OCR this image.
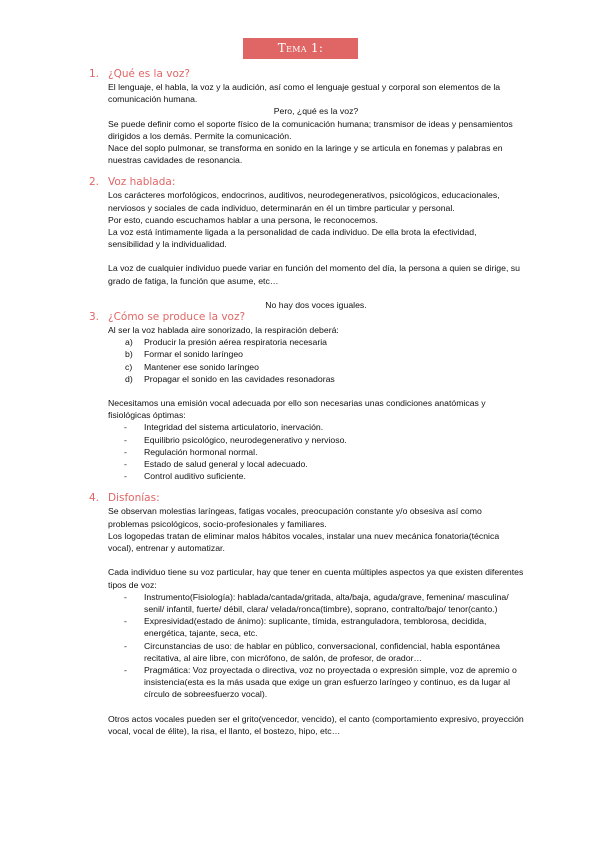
Tema 1: Introducción
1. ¿Qué es la voz?

El lenguaje, el habla, la voz y la audición, así como el lenguaje gestual y corporal son elementos de la comunicación humana.

Pero, ¿qué es la voz?

Se puede definir como el soporte físico de la comunicación humana; transmisor de ideas y pensamientos dirigidos a los demás. Permite la comunicación.

Nace del soplo pulmonar, se transforma en sonido en la laringe y se articula en fonemas y palabras en nuestras cavidades de resonancia.

2. Voz hablada:

Los carácteres morfológicos, endocrinos, auditivos, neurodegenerativos, psicológicos, educacionales, nerviosos y sociales de cada individuo, determinarán en él un timbre particular y personal.

Por esto, cuando escuchamos hablar a una persona, le reconocemos.

La voz está íntimamente ligada a la personalidad de cada individuo. De ella brota la efectividad, sensibilidad y la individualidad.

La voz de cualquier individuo puede variar en función del momento del día, la persona a quien se dirige, su grado de fatiga, la función que asume, etc…

No hay dos voces iguales.

3. ¿Cómo se produce la voz?

Al ser la voz hablada aire sonorizado, la respiración deberá:

a)	Producir la presión aérea respiratoria necesaria
b)	Formar el sonido laríngeo
c)	Mantener ese sonido laríngeo
d)	Propagar el sonido en las cavidades resonadoras

Necesitamos una emisión vocal adecuada por ello son necesarias unas condiciones anatómicas y fisiológicas óptimas:

-	Integridad del sistema articulatorio, inervación.
-	Equilibrio psicológico, neurodegenerativo y nervioso.
-	Regulación hormonal normal.
-	Estado de salud general y local adecuado.
-	Control auditivo suficiente.
4. Disfonías:

Se observan molestias laríngeas, fatigas vocales, preocupación constante y/o obsesiva así como problemas psicológicos, socio-profesionales y familiares.

Los logopedas tratan de eliminar malos hábitos vocales, instalar una nuev mecánica fonatoria(técnica vocal), entrenar y automatizar.

Cada individuo tiene su voz particular, hay que tener en cuenta múltiples aspectos ya que existen diferentes tipos de voz:

-	Instrumento(Fisiología): hablada/cantada/gritada, alta/baja, aguda/grave, femenina/ masculina/ senil/ infantil, fuerte/ débil, clara/ velada/ronca(timbre), soprano, contralto/bajo/ tenor(canto.)
-	Expresividad(estado de ánimo): suplicante, tímida, estranguladora, temblorosa, decidida, energética, tajante, seca, etc.
-	Circunstancias de uso: de hablar en público, conversacional, confidencial, habla espontánea recitativa, al aire libre, con micrófono, de salón, de profesor, de orador…
-	Pragmática: Voz proyectada o directiva, voz no proyectada o expresión simple, voz de apremio o insistencia(esta es la más usada que exige un gran esfuerzo laríngeo y continuo, es da lugar al círculo de sobreesfuerzo vocal).

Otros actos vocales pueden ser el grito(vencedor, vencido), el canto (comportamiento expresivo, proyección vocal, vocal de élite), la risa, el llanto, el bostezo, hipo, etc…
